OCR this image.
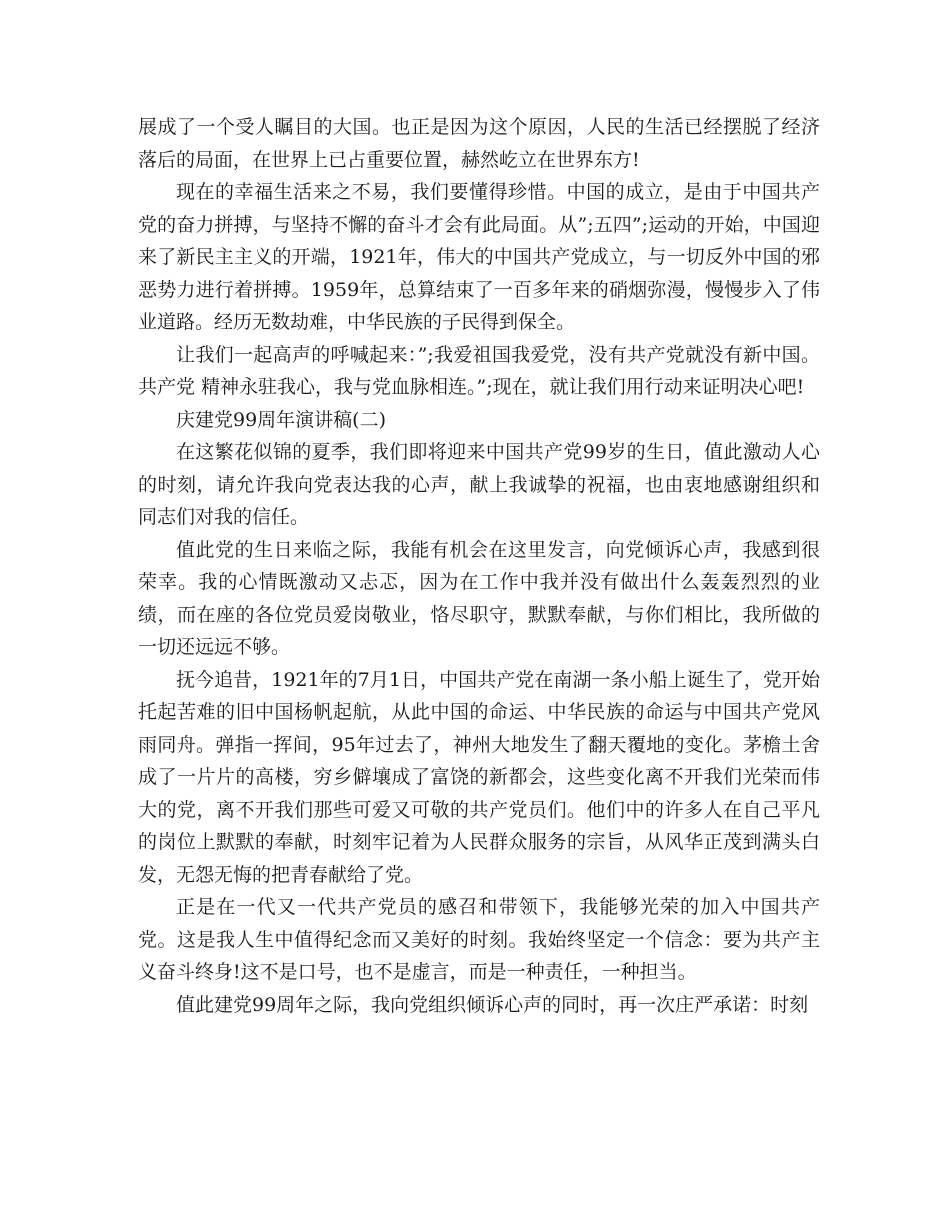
展成了一个受人瞩目的大国。也正是因为这个原因，人民的生活已经摆脱了经济落后的局面，在世界上已占重要位置，赫然屹立在世界东方!

现在的幸福生活来之不易，我们要懂得珍惜。中国的成立，是由于中国共产党的奋力拼搏，与坚持不懈的奋斗才会有此局面。从”;五四”;运动的开始，中国迎来了新民主主义的开端，1921年，伟大的中国共产党成立，与一切反外中国的邪恶势力进行着拼搏。1959年，总算结束了一百多年来的硝烟弥漫，慢慢步入了伟业道路。经历无数劫难，中华民族的子民得到保全。

让我们一起高声的呼喊起来：”;我爱祖国我爱党，没有共产党就没有新中国。共产党 精神永驻我心，我与党血脉相连。”;现在，就让我们用行动来证明决心吧!

庆建党99周年演讲稿(二)

在这繁花似锦的夏季，我们即将迎来中国共产党99岁的生日，值此激动人心的时刻，请允许我向党表达我的心声，献上我诚挚的祝福，也由衷地感谢组织和同志们对我的信任。

值此党的生日来临之际，我能有机会在这里发言，向党倾诉心声，我感到很荣幸。我的心情既激动又忐忑，因为在工作中我并没有做出什么轰轰烈烈的业绩，而在座的各位党员爱岗敬业，恪尽职守，默默奉献，与你们相比，我所做的一切还远远不够。

抚今追昔，1921年的7月1日，中国共产党在南湖一条小船上诞生了，党开始托起苦难的旧中国杨帆起航，从此中国的命运、中华民族的命运与中国共产党风雨同舟。弹指一挥间，95年过去了，神州大地发生了翻天覆地的变化。茅檐土舍成了一片片的高楼，穷乡僻壤成了富饶的新都会，这些变化离不开我们光荣而伟大的党，离不开我们那些可爱又可敬的共产党员们。他们中的许多人在自己平凡的岗位上默默的奉献，时刻牢记着为人民群众服务的宗旨，从风华正茂到满头白发，无怨无悔的把青春献给了党。

正是在一代又一代共产党员的感召和带领下，我能够光荣的加入中国共产党。这是我人生中值得纪念而又美好的时刻。我始终坚定一个信念：要为共产主义奋斗终身!这不是口号，也不是虚言，而是一种责任，一种担当。

值此建党99周年之际，我向党组织倾诉心声的同时，再一次庄严承诺：时刻
